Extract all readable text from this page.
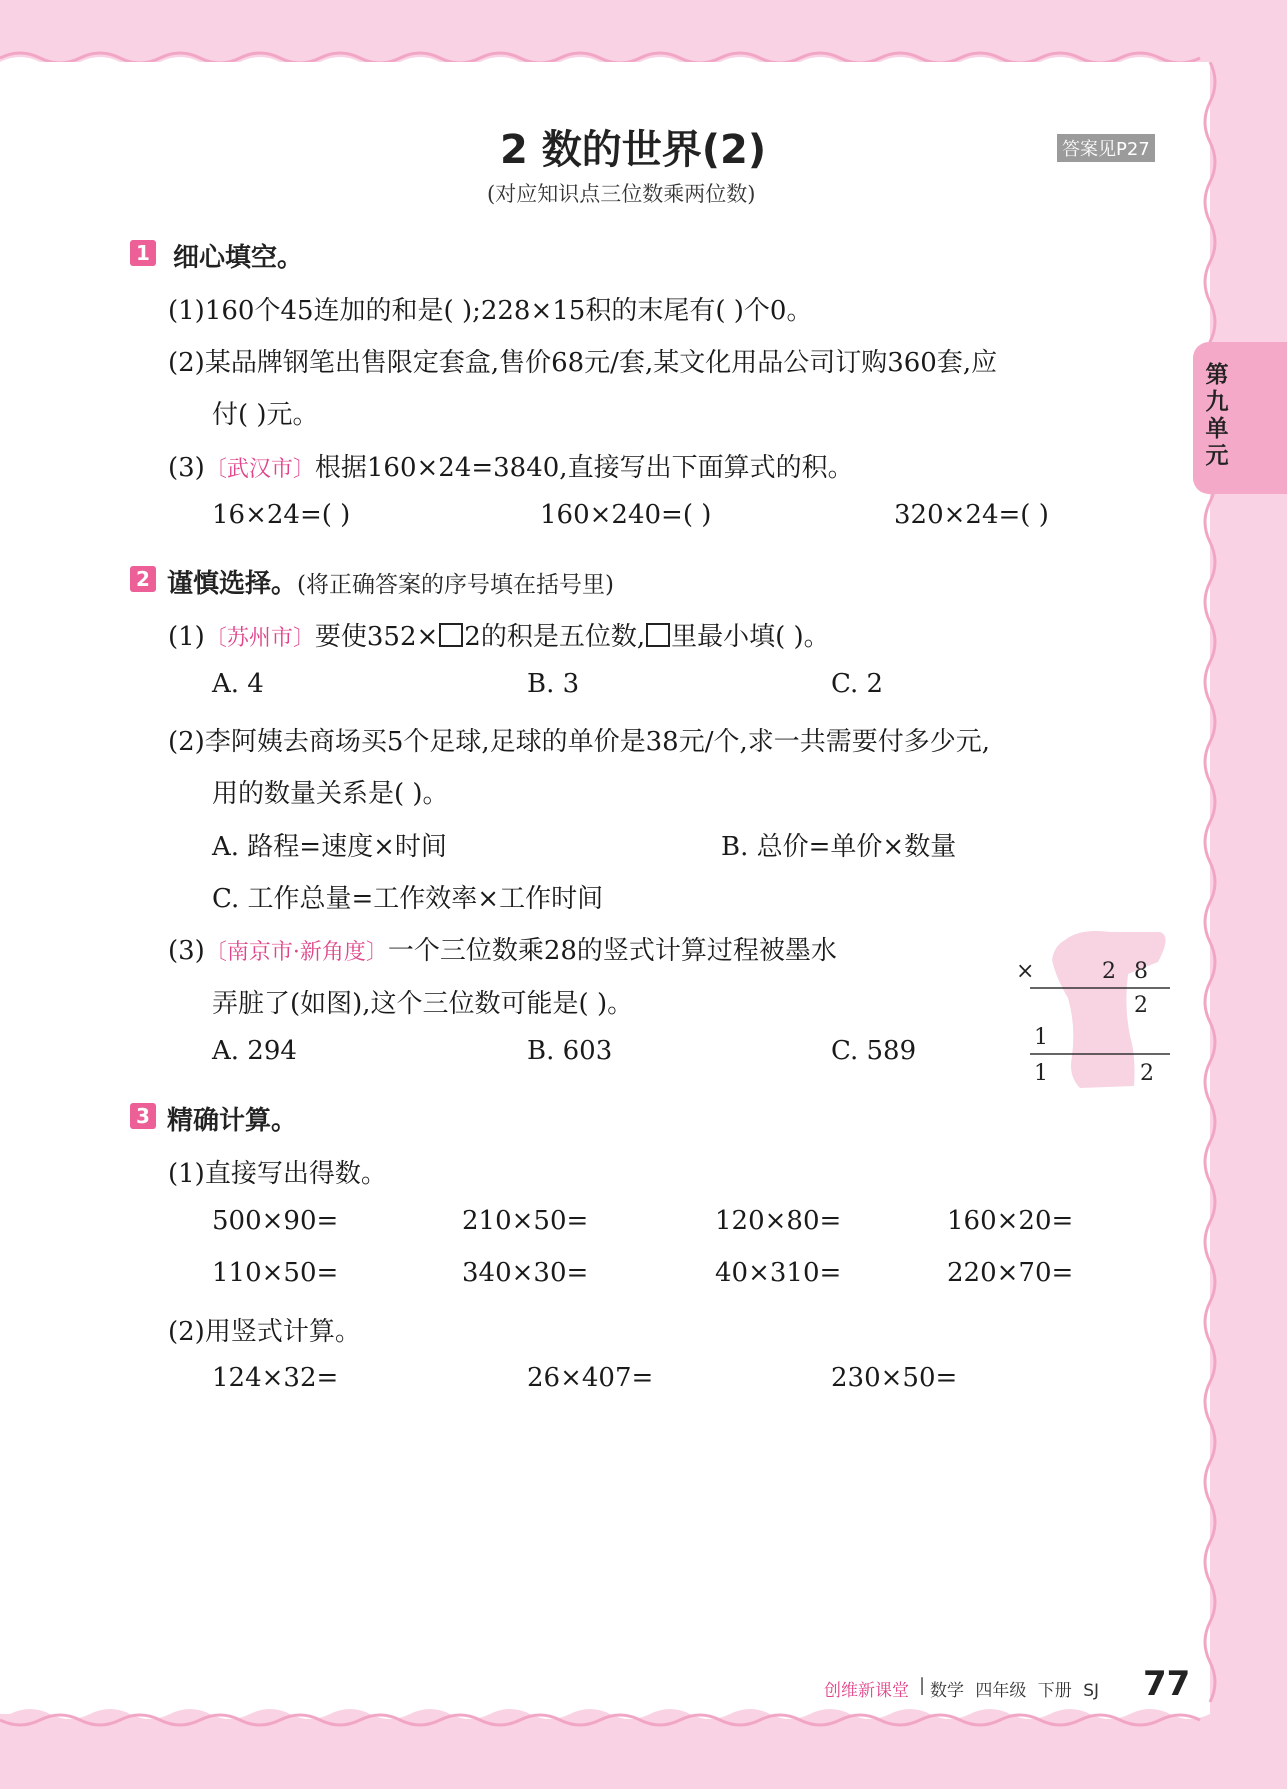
2 数的世界(2)	答案见P27
(对应知识点三位数乘两位数)
第九单元
1 细心填空。
(1)160个45连加的和是( );228×15积的末尾有( )个0。
(2)某品牌钢笔出售限定套盒,售价68元/套,某文化用品公司订购360套,应
付( )元。
(3)〔武汉市〕根据160×24=3840,直接写出下面算式的积。
16×24=( )	160×240=( )	320×24=( )
2 谨慎选择。(将正确答案的序号填在括号里)
(1)〔苏州市〕要使352× 2的积是五位数, 里最小填( )。
A. 4	B. 3	C. 2
(2)李阿姨去商场买5个足球,足球的单价是38元/个,求一共需要付多少元,
用的数量关系是( )。
A. 路程=速度×时间	B. 总价=单价×数量
C. 工作总量=工作效率×工作时间
(3)〔南京市·新角度〕一个三位数乘28的竖式计算过程被墨水
弄脏了(如图),这个三位数可能是( )。
A. 294	B. 603	C. 589
×	2 8
2
1
1	2
3 精确计算。
(1)直接写出得数。
500×90=	210×50=	120×80=	160×20=
110×50=	340×30=	40×310=	220×70=
(2)用竖式计算。
124×32=	26×407=	230×50=
创维新课堂 | 数学 四年级 下册 SJ 77
